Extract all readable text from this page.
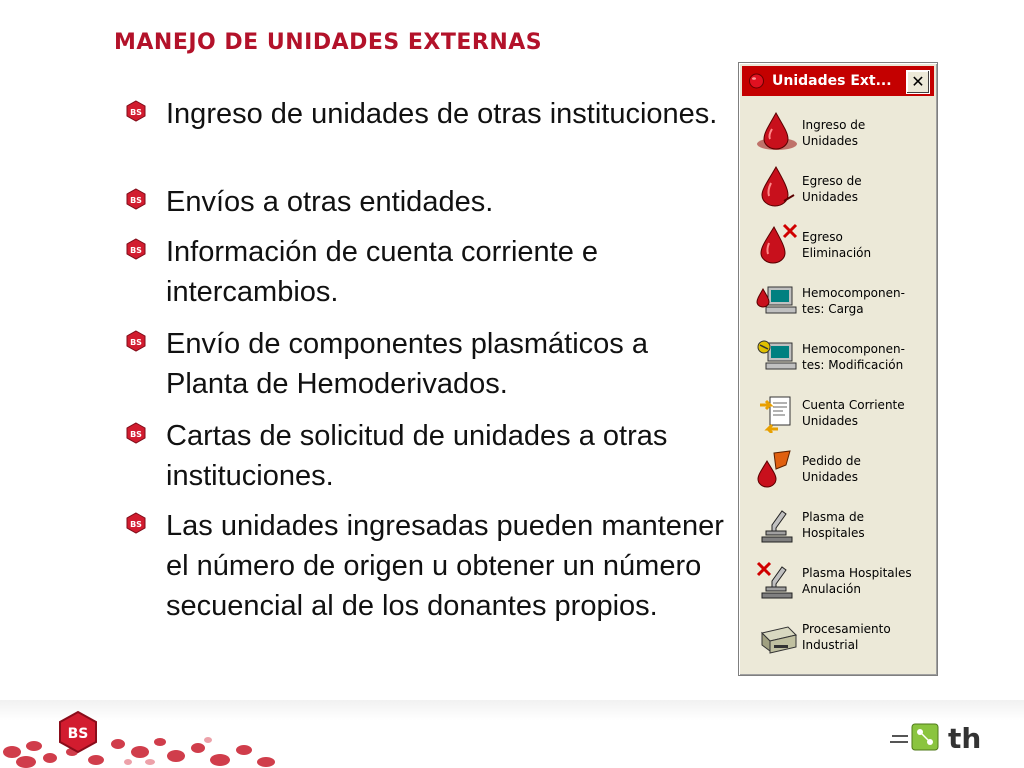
MANEJO DE UNIDADES EXTERNAS
BS Ingreso de unidades de otras instituciones.
BS Envíos a otras entidades.
BS Información de cuenta corriente e intercambios.
BS Envío de componentes plasmáticos a Planta de Hemoderivados.
BS Cartas de solicitud de unidades a otras instituciones.
BS Las unidades ingresadas pueden mantener el número de origen u obtener un número secuencial al de los donantes propios.
Unidades Ext...	✕
Ingreso de
Unidades
Egreso de
Unidades
Egreso
Eliminación
Hemocomponen-
tes: Carga
Hemocomponen-
tes: Modificación
Cuenta Corriente
Unidades
Pedido de
Unidades
Plasma de
Hospitales
Plasma Hospitales
Anulación
Procesamiento
Industrial
BS	th
